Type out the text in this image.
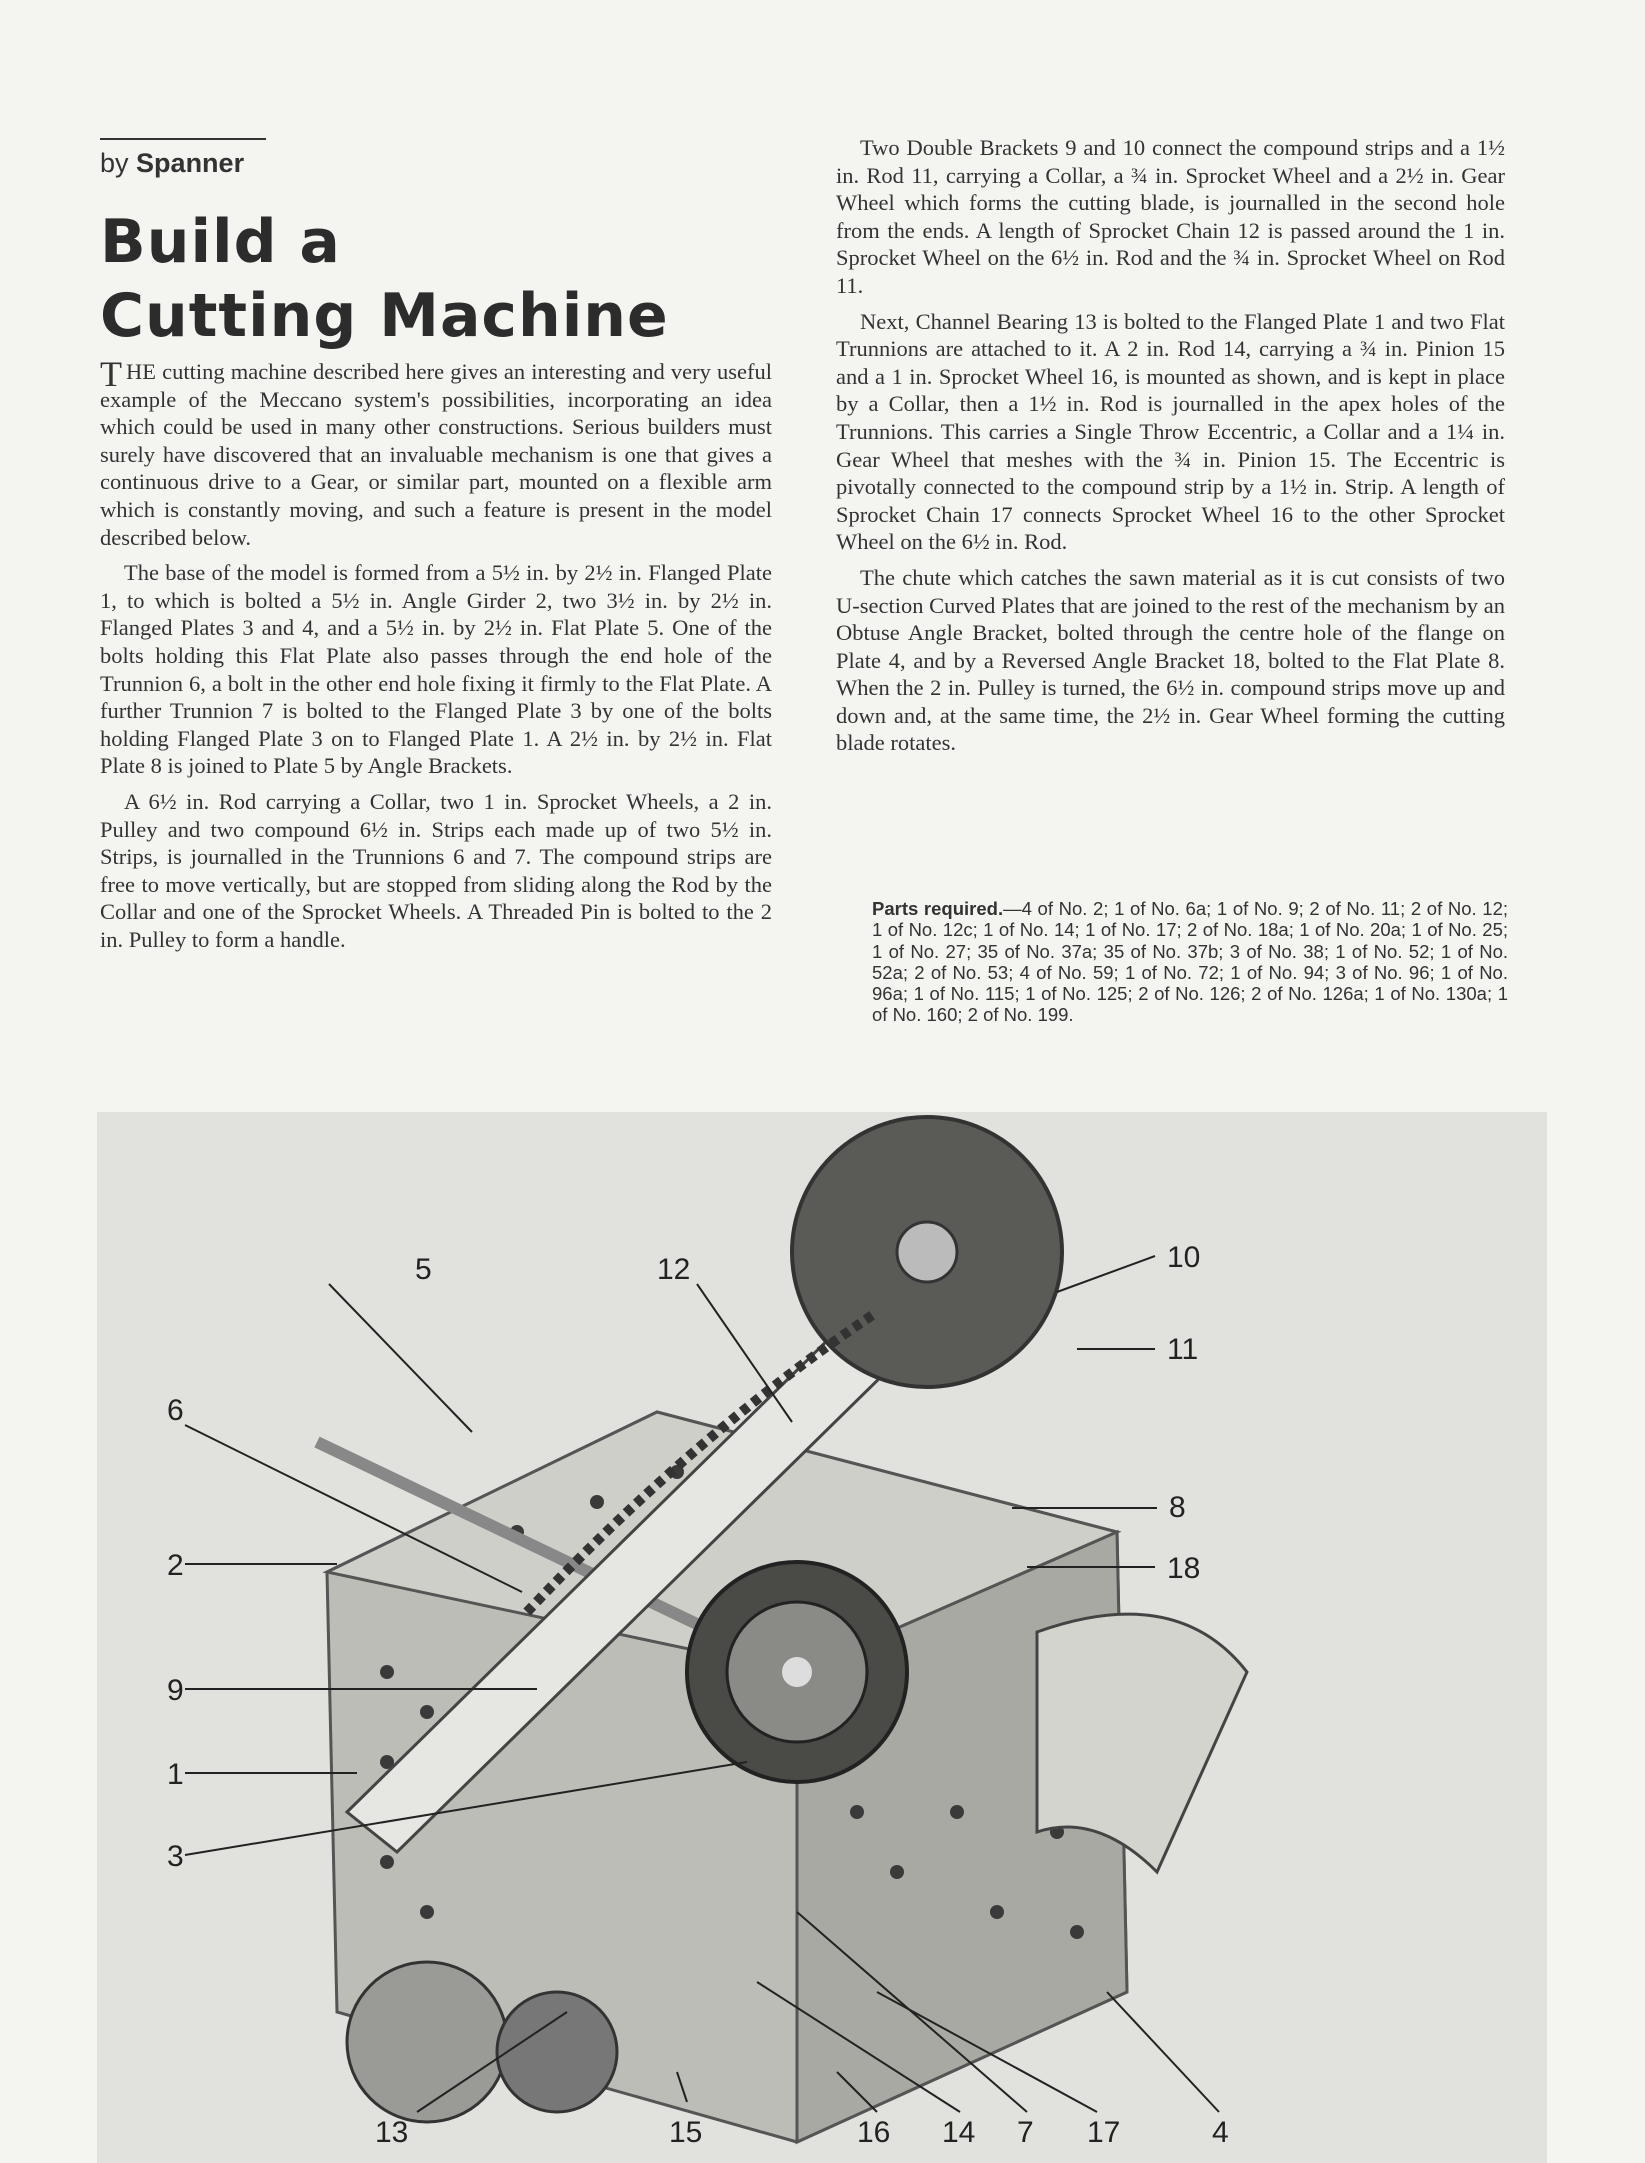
by Spanner
Build a
Cutting Machine

THE cutting machine described here gives an interesting and very useful example of the Meccano system's possibilities, incorporating an idea which could be used in many other constructions. Serious builders must surely have discovered that an invaluable mechanism is one that gives a continuous drive to a Gear, or similar part, mounted on a flexible arm which is constantly moving, and such a feature is present in the model described below.

The base of the model is formed from a 5½ in. by 2½ in. Flanged Plate 1, to which is bolted a 5½ in. Angle Girder 2, two 3½ in. by 2½ in. Flanged Plates 3 and 4, and a 5½ in. by 2½ in. Flat Plate 5. One of the bolts holding this Flat Plate also passes through the end hole of the Trunnion 6, a bolt in the other end hole fixing it firmly to the Flat Plate. A further Trunnion 7 is bolted to the Flanged Plate 3 by one of the bolts holding Flanged Plate 3 on to Flanged Plate 1. A 2½ in. by 2½ in. Flat Plate 8 is joined to Plate 5 by Angle Brackets.

A 6½ in. Rod carrying a Collar, two 1 in. Sprocket Wheels, a 2 in. Pulley and two compound 6½ in. Strips each made up of two 5½ in. Strips, is journalled in the Trunnions 6 and 7. The compound strips are free to move vertically, but are stopped from sliding along the Rod by the Collar and one of the Sprocket Wheels. A Threaded Pin is bolted to the 2 in. Pulley to form a handle.

Two Double Brackets 9 and 10 connect the compound strips and a 1½ in. Rod 11, carrying a Collar, a ¾ in. Sprocket Wheel and a 2½ in. Gear Wheel which forms the cutting blade, is journalled in the second hole from the ends. A length of Sprocket Chain 12 is passed around the 1 in. Sprocket Wheel on the 6½ in. Rod and the ¾ in. Sprocket Wheel on Rod 11.

Next, Channel Bearing 13 is bolted to the Flanged Plate 1 and two Flat Trunnions are attached to it. A 2 in. Rod 14, carrying a ¾ in. Pinion 15 and a 1 in. Sprocket Wheel 16, is mounted as shown, and is kept in place by a Collar, then a 1½ in. Rod is journalled in the apex holes of the Trunnions. This carries a Single Throw Eccentric, a Collar and a 1¼ in. Gear Wheel that meshes with the ¾ in. Pinion 15. The Eccentric is pivotally connected to the compound strip by a 1½ in. Strip. A length of Sprocket Chain 17 connects Sprocket Wheel 16 to the other Sprocket Wheel on the 6½ in. Rod.

The chute which catches the sawn material as it is cut consists of two U-section Curved Plates that are joined to the rest of the mechanism by an Obtuse Angle Bracket, bolted through the centre hole of the flange on Plate 4, and by a Reversed Angle Bracket 18, bolted to the Flat Plate 8. When the 2 in. Pulley is turned, the 6½ in. compound strips move up and down and, at the same time, the 2½ in. Gear Wheel forming the cutting blade rotates.

Parts required.—4 of No. 2; 1 of No. 6a; 1 of No. 9; 2 of No. 11; 2 of No. 12; 1 of No. 12c; 1 of No. 14; 1 of No. 17; 2 of No. 18a; 1 of No. 20a; 1 of No. 25; 1 of No. 27; 35 of No. 37a; 35 of No. 37b; 3 of No. 38; 1 of No. 52; 1 of No. 52a; 2 of No. 53; 4 of No. 59; 1 of No. 72; 1 of No. 94; 3 of No. 96; 1 of No. 96a; 1 of No. 115; 1 of No. 125; 2 of No. 126; 2 of No. 126a; 1 of No. 130a; 1 of No. 160; 2 of No. 199.
5	12	10
11
6
8
2	18
9
1
3
13	15	16 14 7 17	4
